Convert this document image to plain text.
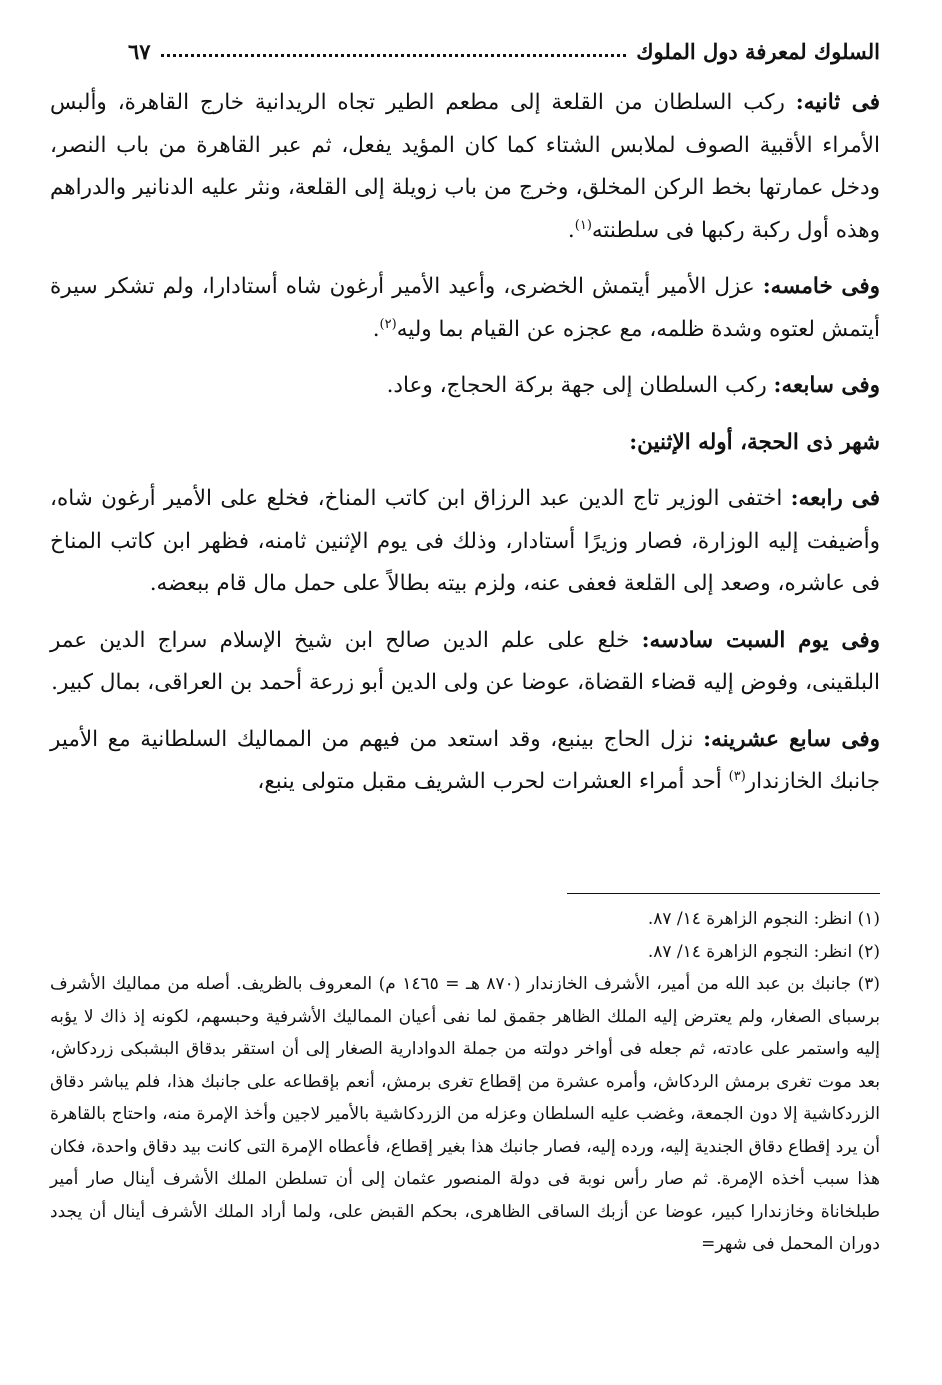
السلوك لمعرفة دول الملوك
٦٧

فى ثانيه: ركب السلطان من القلعة إلى مطعم الطير تجاه الريدانية خارج القاهرة، وألبس الأمراء الأقبية الصوف لملابس الشتاء كما كان المؤيد يفعل، ثم عبر القاهرة من باب النصر، ودخل عمارتها بخط الركن المخلق، وخرج من باب زويلة إلى القلعة، ونثر عليه الدنانير والدراهم وهذه أول ركبة ركبها فى سلطنته$^{(١)}$.

وفى خامسه: عزل الأمير أيتمش الخضرى، وأعيد الأمير أرغون شاه أستادارا، ولم تشكر سيرة أيتمش لعتوه وشدة ظلمه، مع عجزه عن القيام بما وليه$^{(٢)}$.

وفى سابعه: ركب السلطان إلى جهة بركة الحجاج، وعاد.

شهر ذى الحجة، أوله الإثنين:

فى رابعه: اختفى الوزير تاج الدين عبد الرزاق ابن كاتب المناخ، فخلع على الأمير أرغون شاه، وأضيفت إليه الوزارة، فصار وزيرًا أستادار، وذلك فى يوم الإثنين ثامنه، فظهر ابن كاتب المناخ فى عاشره، وصعد إلى القلعة فعفى عنه، ولزم بيته بطالاً على حمل مال قام ببعضه.

وفى يوم السبت سادسه: خلع على علم الدين صالح ابن شيخ الإسلام سراج الدين عمر البلقينى، وفوض إليه قضاء القضاة، عوضا عن ولى الدين أبو زرعة أحمد بن العراقى، بمال كبير.

وفى سابع عشرينه: نزل الحاج بينبع، وقد استعد من فيهم من المماليك السلطانية مع الأمير جانبك الخازندار$^{(٣)}$ أحد أمراء العشرات لحرب الشريف مقبل متولى ينبع،

(١) انظر: النجوم الزاهرة ١٤/ ٨٧.

(٢) انظر: النجوم الزاهرة ١٤/ ٨٧.

(٣) جانبك بن عبد الله من أمير، الأشرف الخازندار (٨٧٠ هـ = ١٤٦٥ م) المعروف بالظريف. أصله من مماليك الأشرف برسباى الصغار، ولم يعترض إليه الملك الظاهر جقمق لما نفى أعيان المماليك الأشرفية وحبسهم، لكونه إذ ذاك لا يؤبه إليه واستمر على عادته، ثم جعله فى أواخر دولته من جملة الدوادارية الصغار إلى أن استقر بدقاق البشبكى زردكاش، بعد موت تغرى برمش الردكاش، وأمره عشرة من إقطاع تغرى برمش، أنعم بإقطاعه على جانبك هذا، فلم يباشر دقاق الزردكاشية إلا دون الجمعة، وغضب عليه السلطان وعزله من الزردكاشية بالأمير لاجين وأخذ الإمرة منه، واحتاج بالقاهرة أن يرد إقطاع دقاق الجندية إليه، ورده إليه، فصار جانبك هذا بغير إقطاع، فأعطاه الإمرة التى كانت بيد دقاق واحدة، فكان هذا سبب أخذه الإمرة. ثم صار رأس نوبة فى دولة المنصور عثمان إلى أن تسلطن الملك الأشرف أينال صار أمير طبلخاناة وخازندارا كبير، عوضا عن أزبك الساقى الظاهرى، بحكم القبض على، ولما أراد الملك الأشرف أينال أن يجدد دوران المحمل فى شهر=
